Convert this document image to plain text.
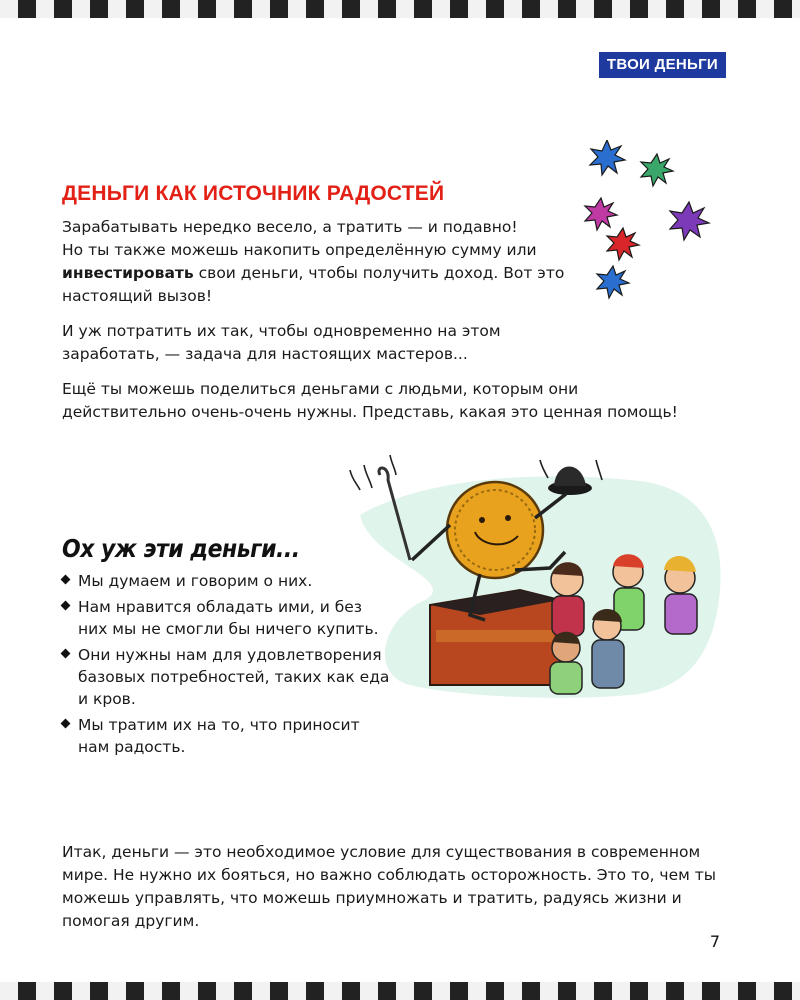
ТВОИ ДЕНЬГИ
ДЕНЬГИ КАК ИСТОЧНИК РАДОСТЕЙ

Зарабатывать нередко весело, а тратить — и подавно!
Но ты также можешь накопить определённую сумму или
инвестировать свои деньги, чтобы получить доход. Вот это
настоящий вызов!

И уж потратить их так, чтобы одновременно на этом заработать, — задача для настоящих мастеров...

Ещё ты можешь поделиться деньгами с людьми, которым они действительно очень-очень нужны. Представь, какая это ценная помощь!

Ох уж эти деньги...
Мы думаем и говорим о них.
Нам нравится обладать ими, и без них мы не смогли бы ничего купить.
Они нужны нам для удовлетворения базовых потребностей, таких как еда и кров.
Мы тратим их на то, что приносит нам радость.

Итак, деньги — это необходимое условие для существования в современном мире. Не нужно их бояться, но важно соблюдать осторожность. Это то, чем ты можешь управлять, что можешь приумножать и тратить, радуясь жизни и помогая другим.

7
